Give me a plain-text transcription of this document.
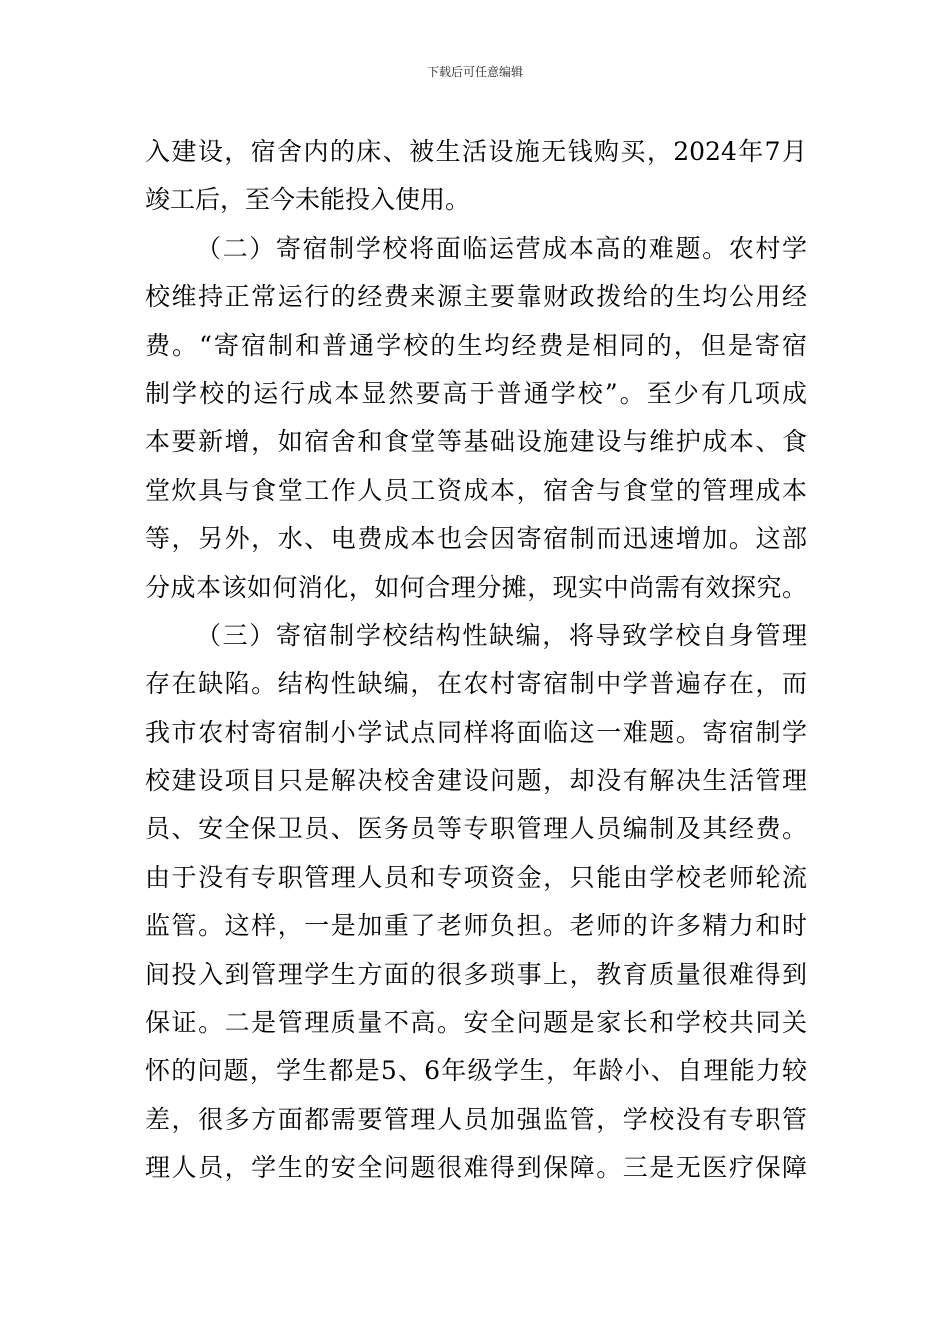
下载后可任意编辑
入建设，宿舍内的床、被生活设施无钱购买，2024年7月
竣工后，至今未能投入使用。
（二）寄宿制学校将面临运营成本高的难题。农村学
校维持正常运行的经费来源主要靠财政拨给的生均公用经
费。“寄宿制和普通学校的生均经费是相同的，但是寄宿
制学校的运行成本显然要高于普通学校”。至少有几项成
本要新增，如宿舍和食堂等基础设施建设与维护成本、食
堂炊具与食堂工作人员工资成本，宿舍与食堂的管理成本
等，另外，水、电费成本也会因寄宿制而迅速增加。这部
分成本该如何消化，如何合理分摊，现实中尚需有效探究。
（三）寄宿制学校结构性缺编，将导致学校自身管理
存在缺陷。结构性缺编，在农村寄宿制中学普遍存在，而
我市农村寄宿制小学试点同样将面临这一难题。寄宿制学
校建设项目只是解决校舍建设问题，却没有解决生活管理
员、安全保卫员、医务员等专职管理人员编制及其经费。
由于没有专职管理人员和专项资金，只能由学校老师轮流
监管。这样，一是加重了老师负担。老师的许多精力和时
间投入到管理学生方面的很多琐事上，教育质量很难得到
保证。二是管理质量不高。安全问题是家长和学校共同关
怀的问题，学生都是5、6年级学生，年龄小、自理能力较
差，很多方面都需要管理人员加强监管，学校没有专职管
理人员，学生的安全问题很难得到保障。三是无医疗保障
